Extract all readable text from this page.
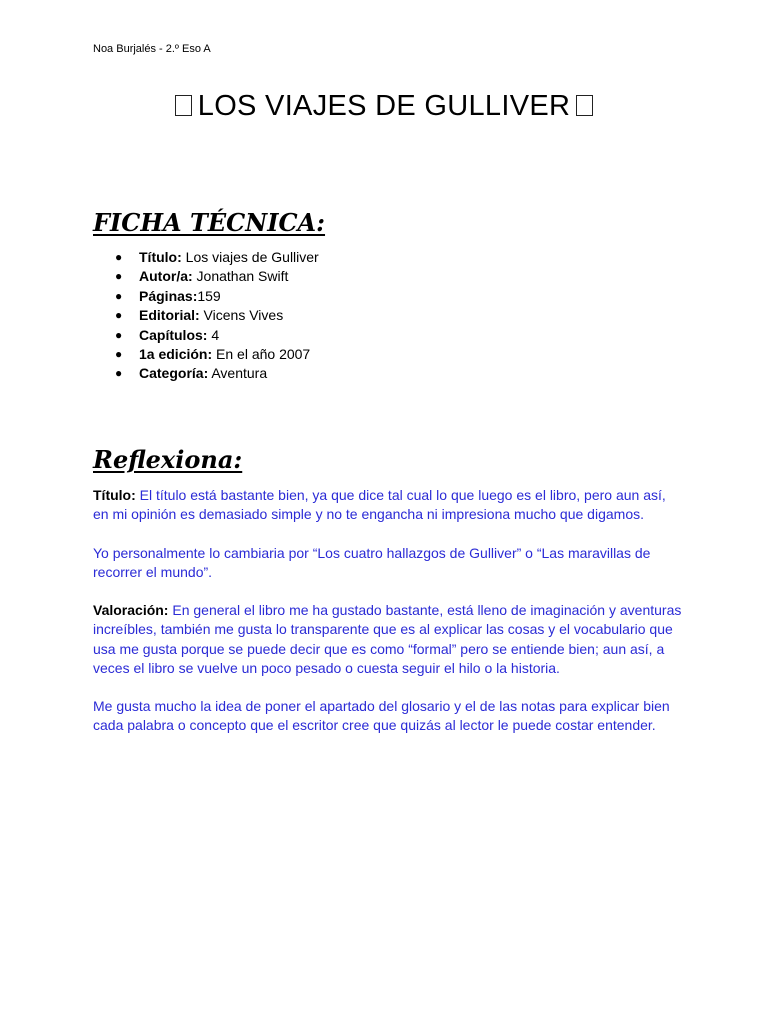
Noa Burjalés - 2.º Eso A
LOS VIAJES DE GULLIVER
FICHA TÉCNICA:
● Título: Los viajes de Gulliver
● Autor/a: Jonathan Swift
● Páginas:159
● Editorial: Vicens Vives
● Capítulos: 4
● 1a edición: En el año 2007
● Categoría: Aventura
Reflexiona:

Título: El título está bastante bien, ya que dice tal cual lo que luego es el libro, pero aun así, en mi opinión es demasiado simple y no te engancha ni impresiona mucho que digamos.

Yo personalmente lo cambiaria por “Los cuatro hallazgos de Gulliver” o “Las maravillas de recorrer el mundo”.

Valoración: En general el libro me ha gustado bastante, está lleno de imaginación y aventuras increíbles, también me gusta lo transparente que es al explicar las cosas y el vocabulario que usa me gusta porque se puede decir que es como “formal” pero se entiende bien; aun así, a veces el libro se vuelve un poco pesado o cuesta seguir el hilo o la historia.

Me gusta mucho la idea de poner el apartado del glosario y el de las notas para explicar bien cada palabra o concepto que el escritor cree que quizás al lector le puede costar entender.
